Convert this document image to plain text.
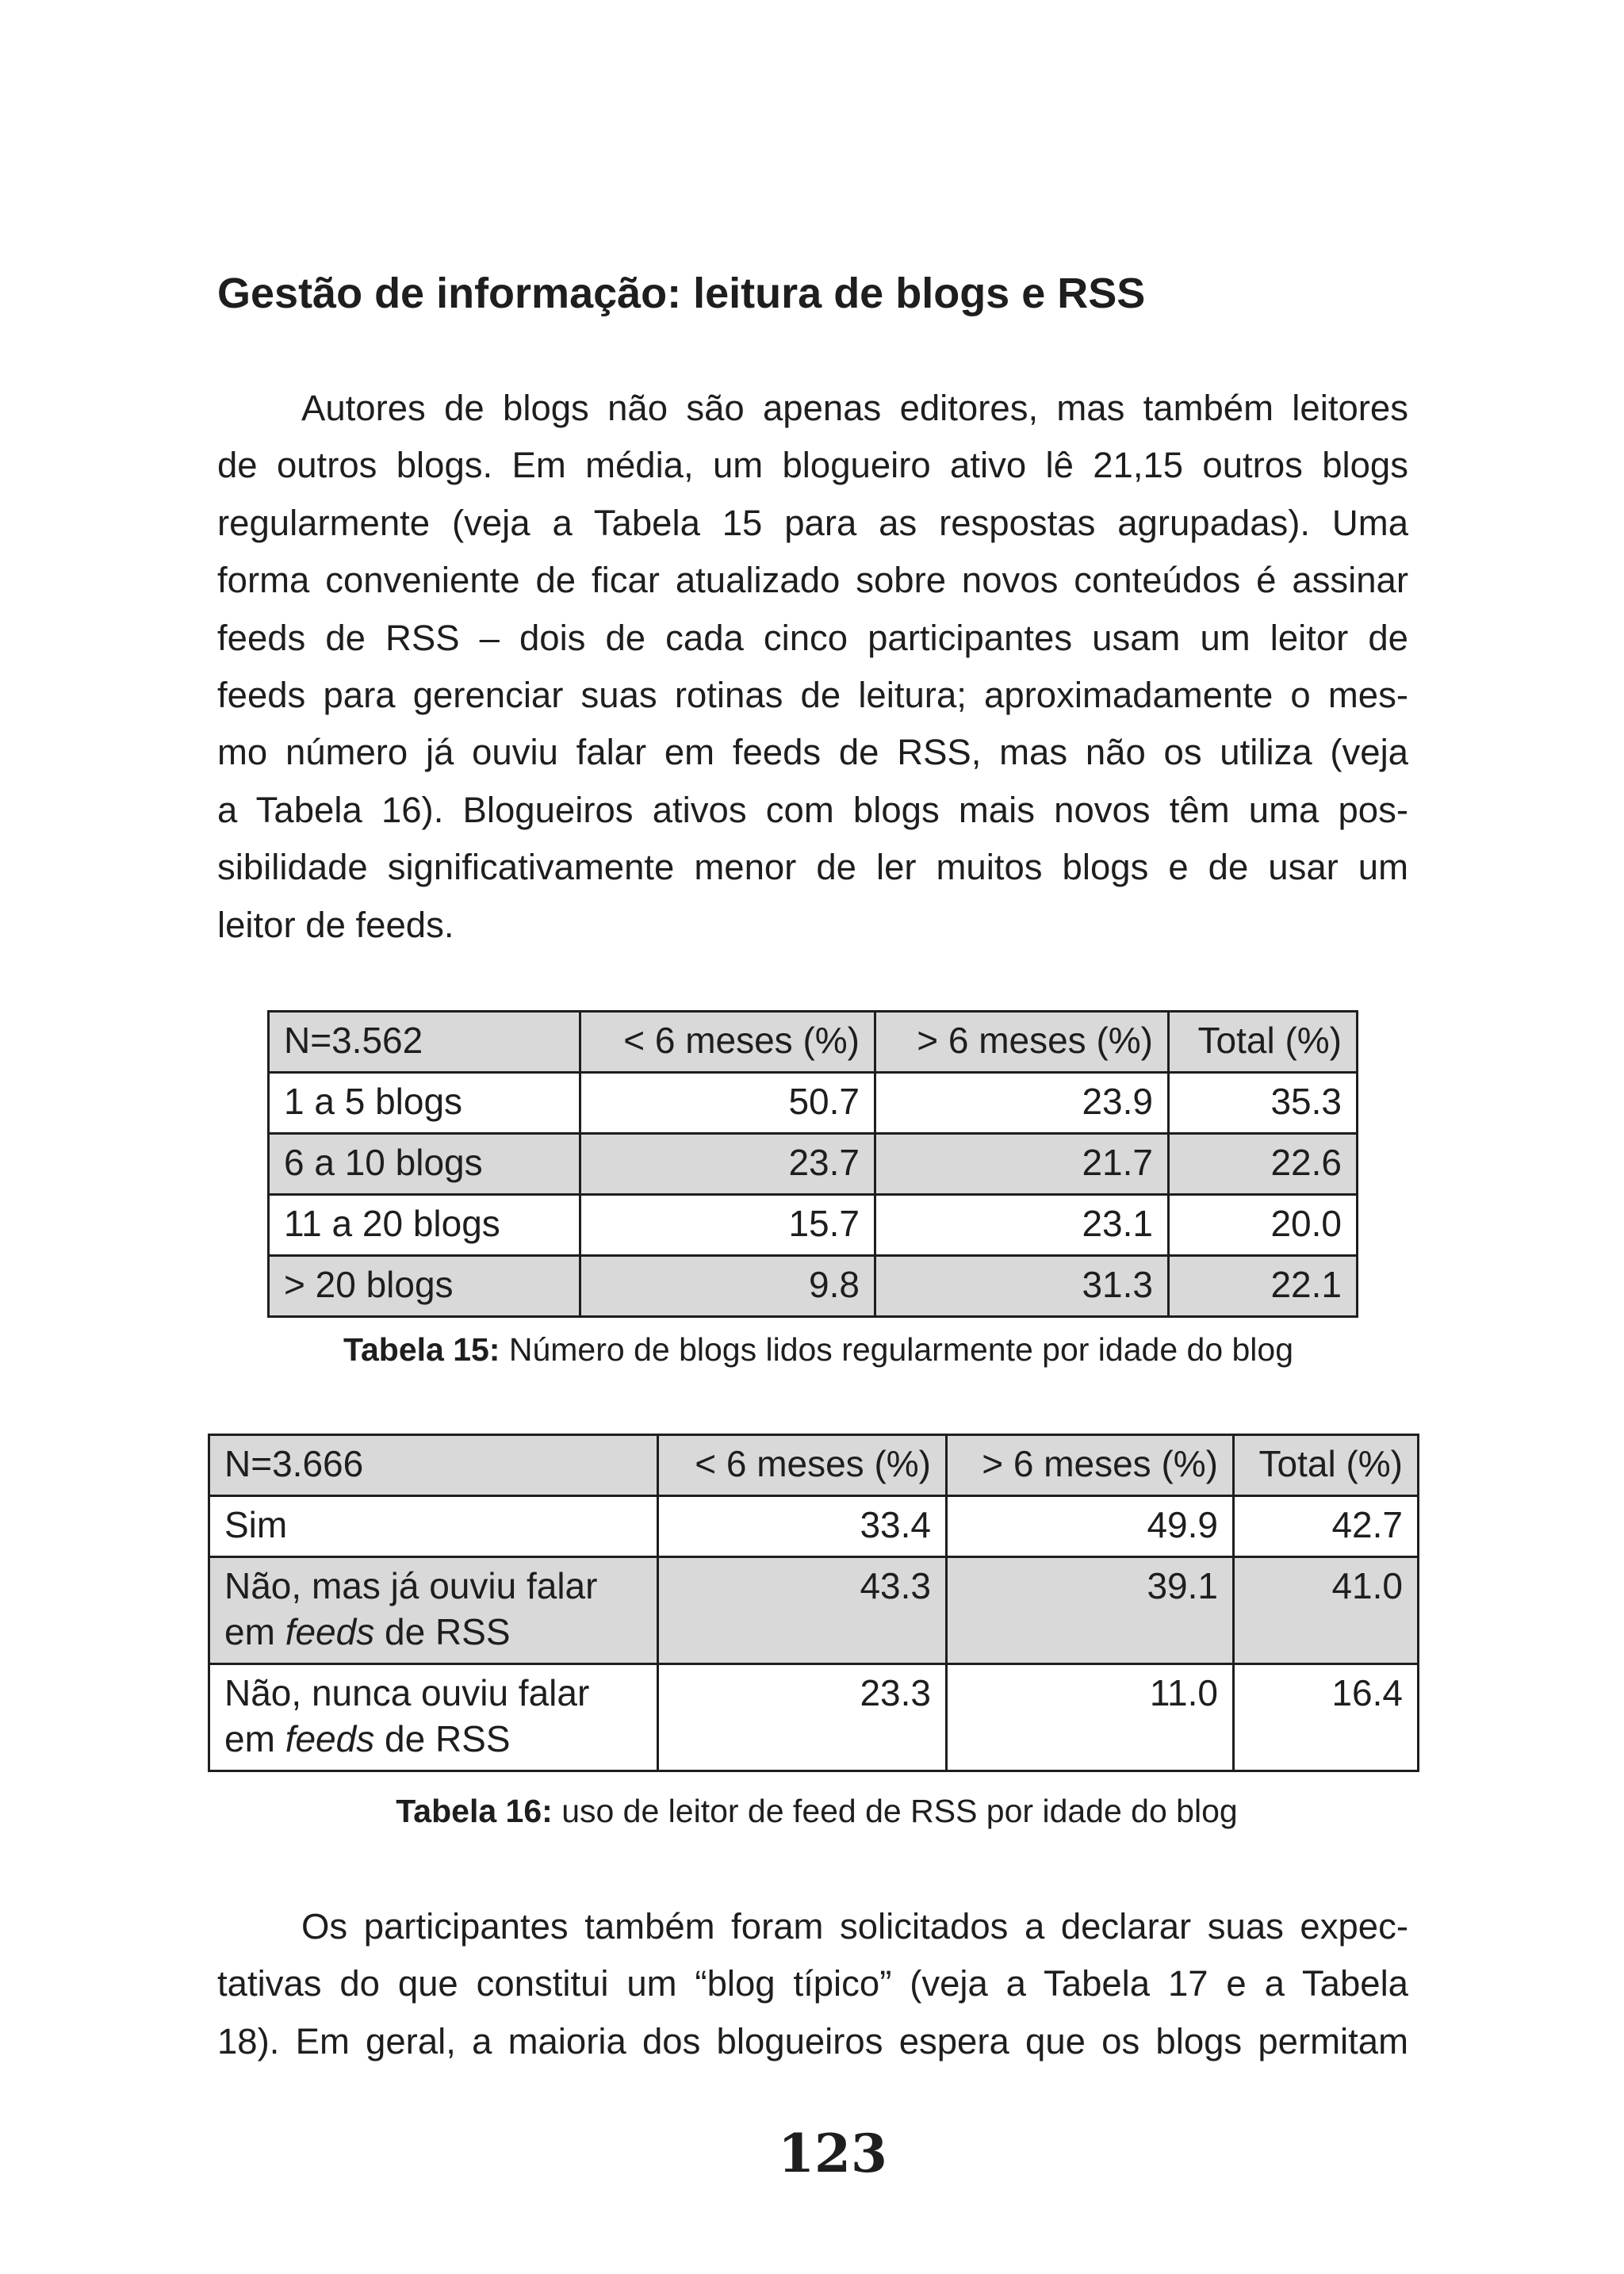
Gestão de informação: leitura de blogs e RSS
Autores de blogs não são apenas editores, mas também leitores
de outros blogs. Em média, um blogueiro ativo lê 21,15 outros blogs
regularmente (veja a Tabela 15 para as respostas agrupadas). Uma
forma conveniente de ficar atualizado sobre novos conteúdos é assinar
feeds de RSS – dois de cada cinco participantes usam um leitor de
feeds para gerenciar suas rotinas de leitura; aproximadamente o mes-
mo número já ouviu falar em feeds de RSS, mas não os utiliza (veja
a Tabela 16). Blogueiros ativos com blogs mais novos têm uma pos-
sibilidade significativamente menor de ler muitos blogs e de usar um
leitor de feeds.
N=3.562	< 6 meses (%)	> 6 meses (%)	Total (%)
1 a 5 blogs	50.7	23.9	35.3
6 a 10 blogs	23.7	21.7	22.6
11 a 20 blogs	15.7	23.1	20.0
> 20 blogs	9.8	31.3	22.1

Tabela 15: Número de blogs lidos regularmente por idade do blog

N=3.666	< 6 meses (%)	> 6 meses (%)	Total (%)
Sim	33.4	49.9	42.7
Não, mas já ouviu falar
em feeds de RSS	43.3	39.1	41.0
Não, nunca ouviu falar
em feeds de RSS	23.3	11.0	16.4

Tabela 16: uso de leitor de feed de RSS por idade do blog

Os participantes também foram solicitados a declarar suas expec-
tativas do que constitui um “blog típico” (veja a Tabela 17 e a Tabela
18). Em geral, a maioria dos blogueiros espera que os blogs permitam

123
